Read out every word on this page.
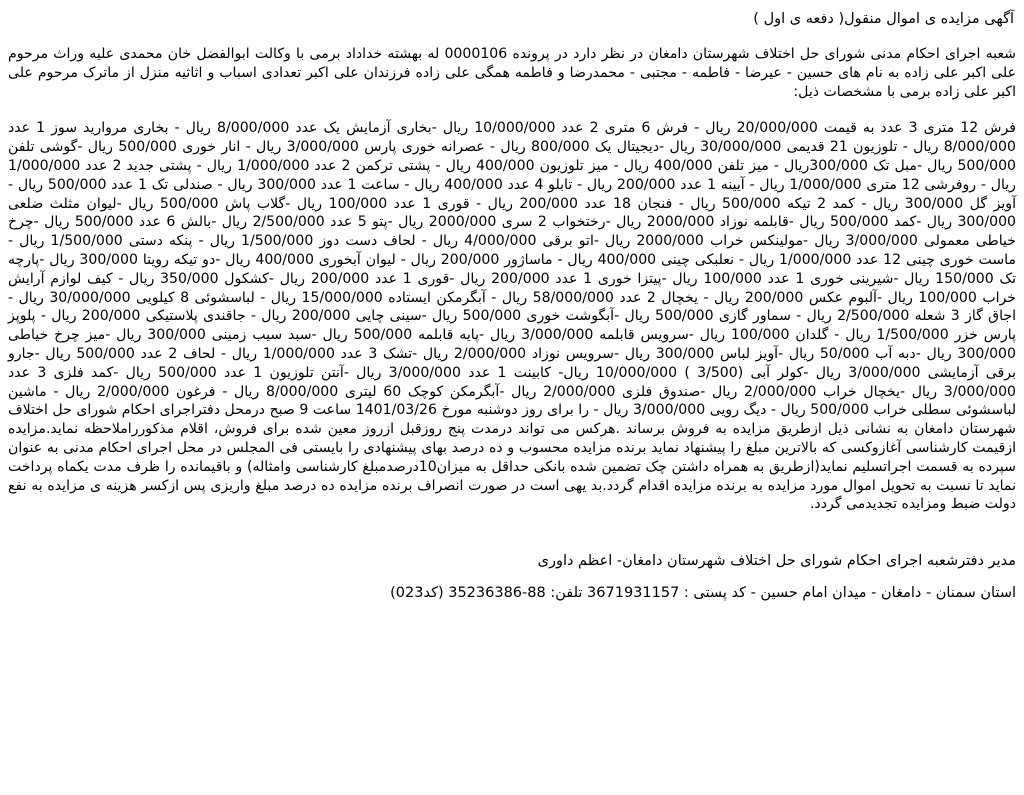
آگهی مزایده ی اموال منقول( دفعه ی اول )

شعبه اجرای احکام مدنی شورای حل اختلاف شهرستان دامغان در نظر دارد در پرونده 0000106 له بهشته خداداد برمی با وکالت ابوالفضل خان محمدی علیه وراث مرحوم علی اکبر علی زاده به نام های حسین - عیرضا - فاطمه - مجتبی - محمدرضا و فاطمه همگی علی زاده فرزندان علی اکبر تعدادی اسباب و اثاثیه منزل از ماترک مرحوم علی اکبر علی زاده برمی با مشخصات ذیل:

فرش 12 متری 3 عدد به قیمت 20/000/000 ریال - فرش 6 متری 2 عدد 10/000/000 ریال -بخاری آزمایش یک عدد 8/000/000 ریال - بخاری مروارید سوز 1 عدد 8/000/000 ریال - تلوزیون 21 قدیمی 30/000/000 ریال -دیجیتال یک 800/000 ریال - عصرانه خوری پارس 3/000/000 ریال - انار خوری 500/000 ریال -گوشی تلفن 500/000 ریال -مبل تک 300/000ریال - میز تلفن 400/000 ریال - میز تلوزیون 400/000 ریال - پشتی ترکمن 2 عدد 1/000/000 ریال - پشتی جدید 2 عدد 1/000/000 ریال - روفرشی 12 متری 1/000/000 ریال - آیینه 1 عدد 200/000 ریال - تابلو 4 عدد 400/000 ریال - ساعت 1 عدد 300/000 ریال - صندلی تک 1 عدد 500/000 ریال - آویز گل 300/000 ریال - کمد 2 تیکه 500/000 ریال - فنجان 18 عدد 200/000 ریال - قوری 1 عدد 100/000 ریال -گلاب پاش 500/000 ریال -لیوان مثلث ضلعی 300/000 ریال -کمد 500/000 ریال -قابلمه نوزاد 2000/000 ریال -رختخواب 2 سری 2000/000 ریال -پتو 5 عدد 2/500/000 ریال -بالش 6 عدد 500/000 ریال -چرخ خیاطی معمولی 3/000/000 ریال -مولینکس خراب 2000/000 ریال -اتو برقی 4/000/000 ریال - لحاف دست دوز 1/500/000 ریال - پنکه دستی 1/500/000 ریال - ماست خوری چینی 12 عدد 1/000/000 ریال - نعلبکی چینی 400/000 ریال - ماساژور 200/000 ریال - لیوان آبخوری 400/000 ریال -دو تیکه رویتا 300/000 ریال -پارچه تک 150/000 ریال -شیرینی خوری 1 عدد 100/000 ریال -پیتزا خوری 1 عدد 200/000 ریال -قوری 1 عدد 200/000 ریال -کشکول 350/000 ریال - کیف لوازم آرایش خراب 100/000 ریال -آلبوم عکس 200/000 ریال - یخچال 2 عدد 58/000/000 ریال - آبگرمکن ایستاده 15/000/000 ریال - لباسشوئی 8 کیلویی 30/000/000 ریال - اجاق گاز 3 شعله 2/500/000 ریال - سماور گازی 500/000 ریال -آبگوشت خوری 500/000 ریال -سینی چایی 200/000 ریال - جاقندی پلاستیکی 200/000 ریال - پلوپز پارس خزر 1/500/000 ریال - گلدان 100/000 ریال -سرویس قابلمه 3/000/000 ریال -پایه قابلمه 500/000 ریال -سبد سیب زمینی 300/000 ریال -میز چرخ خیاطی 300/000 ریال -دبه آب 50/000 ریال -آویز لباس 300/000 ریال -سرویس نوزاد 2/000/000 ریال -تشک 3 عدد 1/000/000 ریال - لحاف 2 عدد 500/000 ریال -جارو برقی آزمایشی 3/000/000 ریال -کولر آبی (3/500 ) 10/000/000 ریال- کابینت 1 عدد 3/000/000 ریال -آنتن تلوزیون 1 عدد 500/000 ریال -کمد فلزی 3 عدد 3/000/000 ریال -یخچال خراب 2/000/000 ریال -صندوق فلزی 2/000/000 ریال -آبگرمکن کوچک 60 لیتری 8/000/000 ریال - فرغون 2/000/000 ریال - ماشین لباسشوئی سطلی خراب 500/000 ریال - دیگ رویی 3/000/000 ریال - را برای روز دوشنبه مورخ 1401/03/26 ساعت 9 صبح درمحل دفتراجرای احکام شورای حل اختلاف شهرستان دامغان به نشانی ذیل ازطریق مزایده به فروش برساند .هرکس می تواند درمدت پنج روزقبل ازروز معین شده برای فروش، اقلام مذکورراملاحظه نماید.مزایده ازقیمت کارشناسی آغازوکسی که بالاترین مبلغ را پیشنهاد نماید برنده مزایده محسوب و ده درصد بهای پیشنهادی را بایستی فی المجلس در محل اجرای احکام مدنی به عنوان سپرده به قسمت اجراتسلیم نماید(ازطریق به همراه داشتن چک تضمین شده بانکی حداقل به میزان10درصدمبلغ کارشناسی وامثاله) و باقیمانده را ظرف مدت یکماه پرداخت نماید تا نسبت به تحویل اموال مورد مزایده به برنده مزایده اقدام گردد.بد یهی است در صورت انصراف برنده مزایده ده درصد مبلغ واریزی پس ازکسر هزینه ی مزایده به نفع دولت ضبط ومزایده تجدیدمی گردد.

مدیر دفترشعبه اجرای احکام شورای حل اختلاف شهرستان دامغان- اعظم داوری
استان سمنان - دامغان - میدان امام حسین - کد پستی : 3671931157 تلفن: 88-35236386 (کد023)
